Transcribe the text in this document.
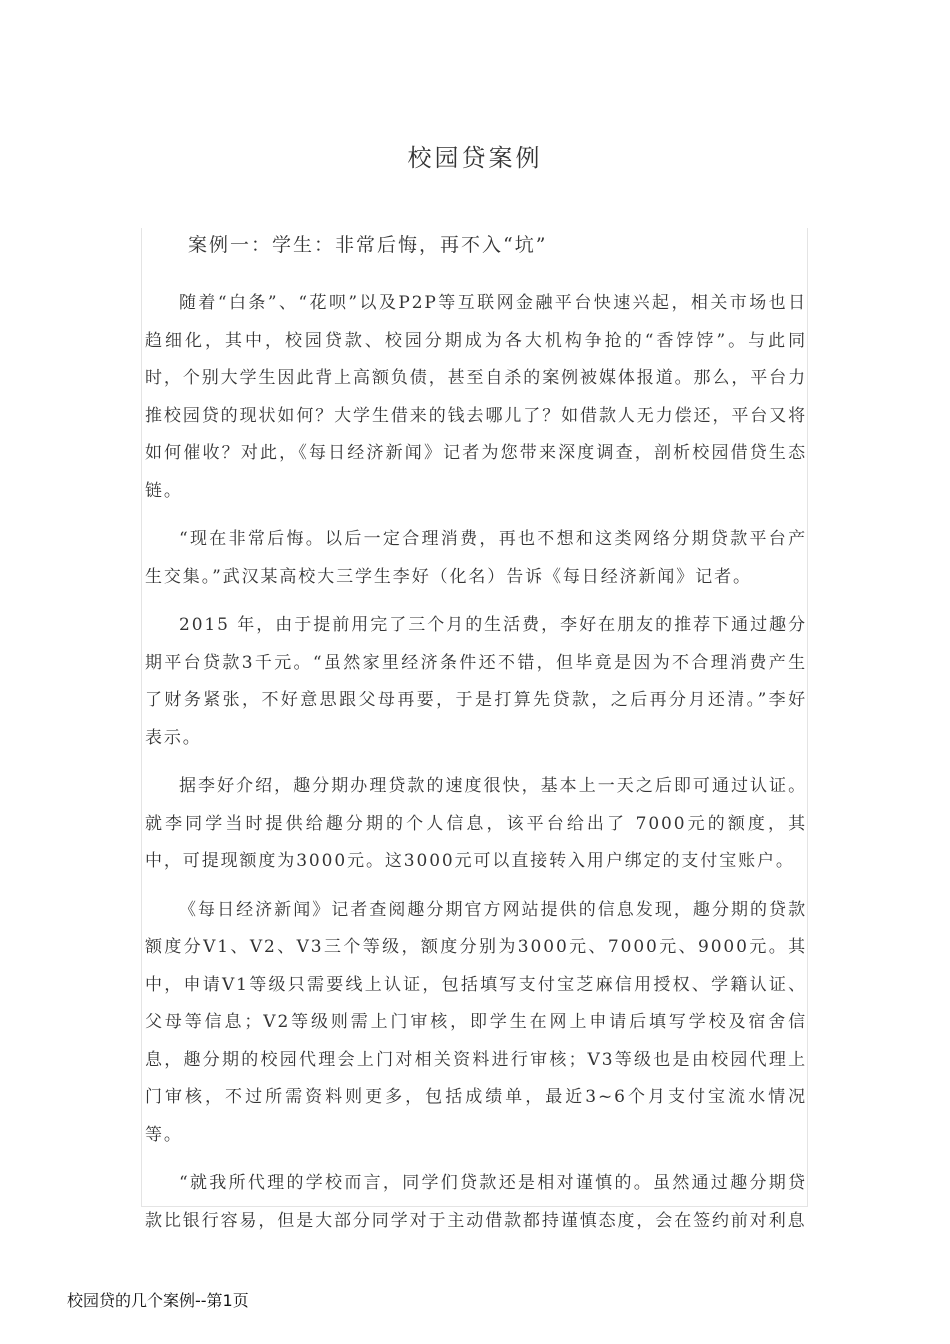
校园贷案例
案例一：学生：非常后悔，再不入“坑”

随着“白条”、“花呗”以及P2P等互联网金融平台快速兴起，相关市场也日趋细化，其中，校园贷款、校园分期成为各大机构争抢的“香饽饽”。与此同时，个别大学生因此背上高额负债，甚至自杀的案例被媒体报道。那么，平台力推校园贷的现状如何？大学生借来的钱去哪儿了？如借款人无力偿还，平台又将如何催收？对此，《每日经济新闻》记者为您带来深度调查，剖析校园借贷生态链。

“现在非常后悔。以后一定合理消费，再也不想和这类网络分期贷款平台产生交集。”武汉某高校大三学生李好（化名）告诉《每日经济新闻》记者。

2015 年，由于提前用完了三个月的生活费，李好在朋友的推荐下通过趣分期平台贷款3千元。“虽然家里经济条件还不错，但毕竟是因为不合理消费产生了财务紧张，不好意思跟父母再要，于是打算先贷款，之后再分月还清。”李好表示。

据李好介绍，趣分期办理贷款的速度很快，基本上一天之后即可通过认证。就李同学当时提供给趣分期的个人信息，该平台给出了 7000元的额度，其中，可提现额度为3000元。这3000元可以直接转入用户绑定的支付宝账户。

《每日经济新闻》记者查阅趣分期官方网站提供的信息发现，趣分期的贷款额度分V1、V2、V3三个等级，额度分别为3000元、7000元、9000元。其中，申请V1等级只需要线上认证，包括填写支付宝芝麻信用授权、学籍认证、父母等信息；V2等级则需上门审核，即学生在网上申请后填写学校及宿舍信息，趣分期的校园代理会上门对相关资料进行审核；V3等级也是由校园代理上门审核，不过所需资料则更多，包括成绩单，最近3~6个月支付宝流水情况等。

“就我所代理的学校而言，同学们贷款还是相对谨慎的。虽然通过趣分期贷款比银行容易，但是大部分同学对于主动借款都持谨慎态度，会在签约前对利息

校园贷的几个案例--第1页
